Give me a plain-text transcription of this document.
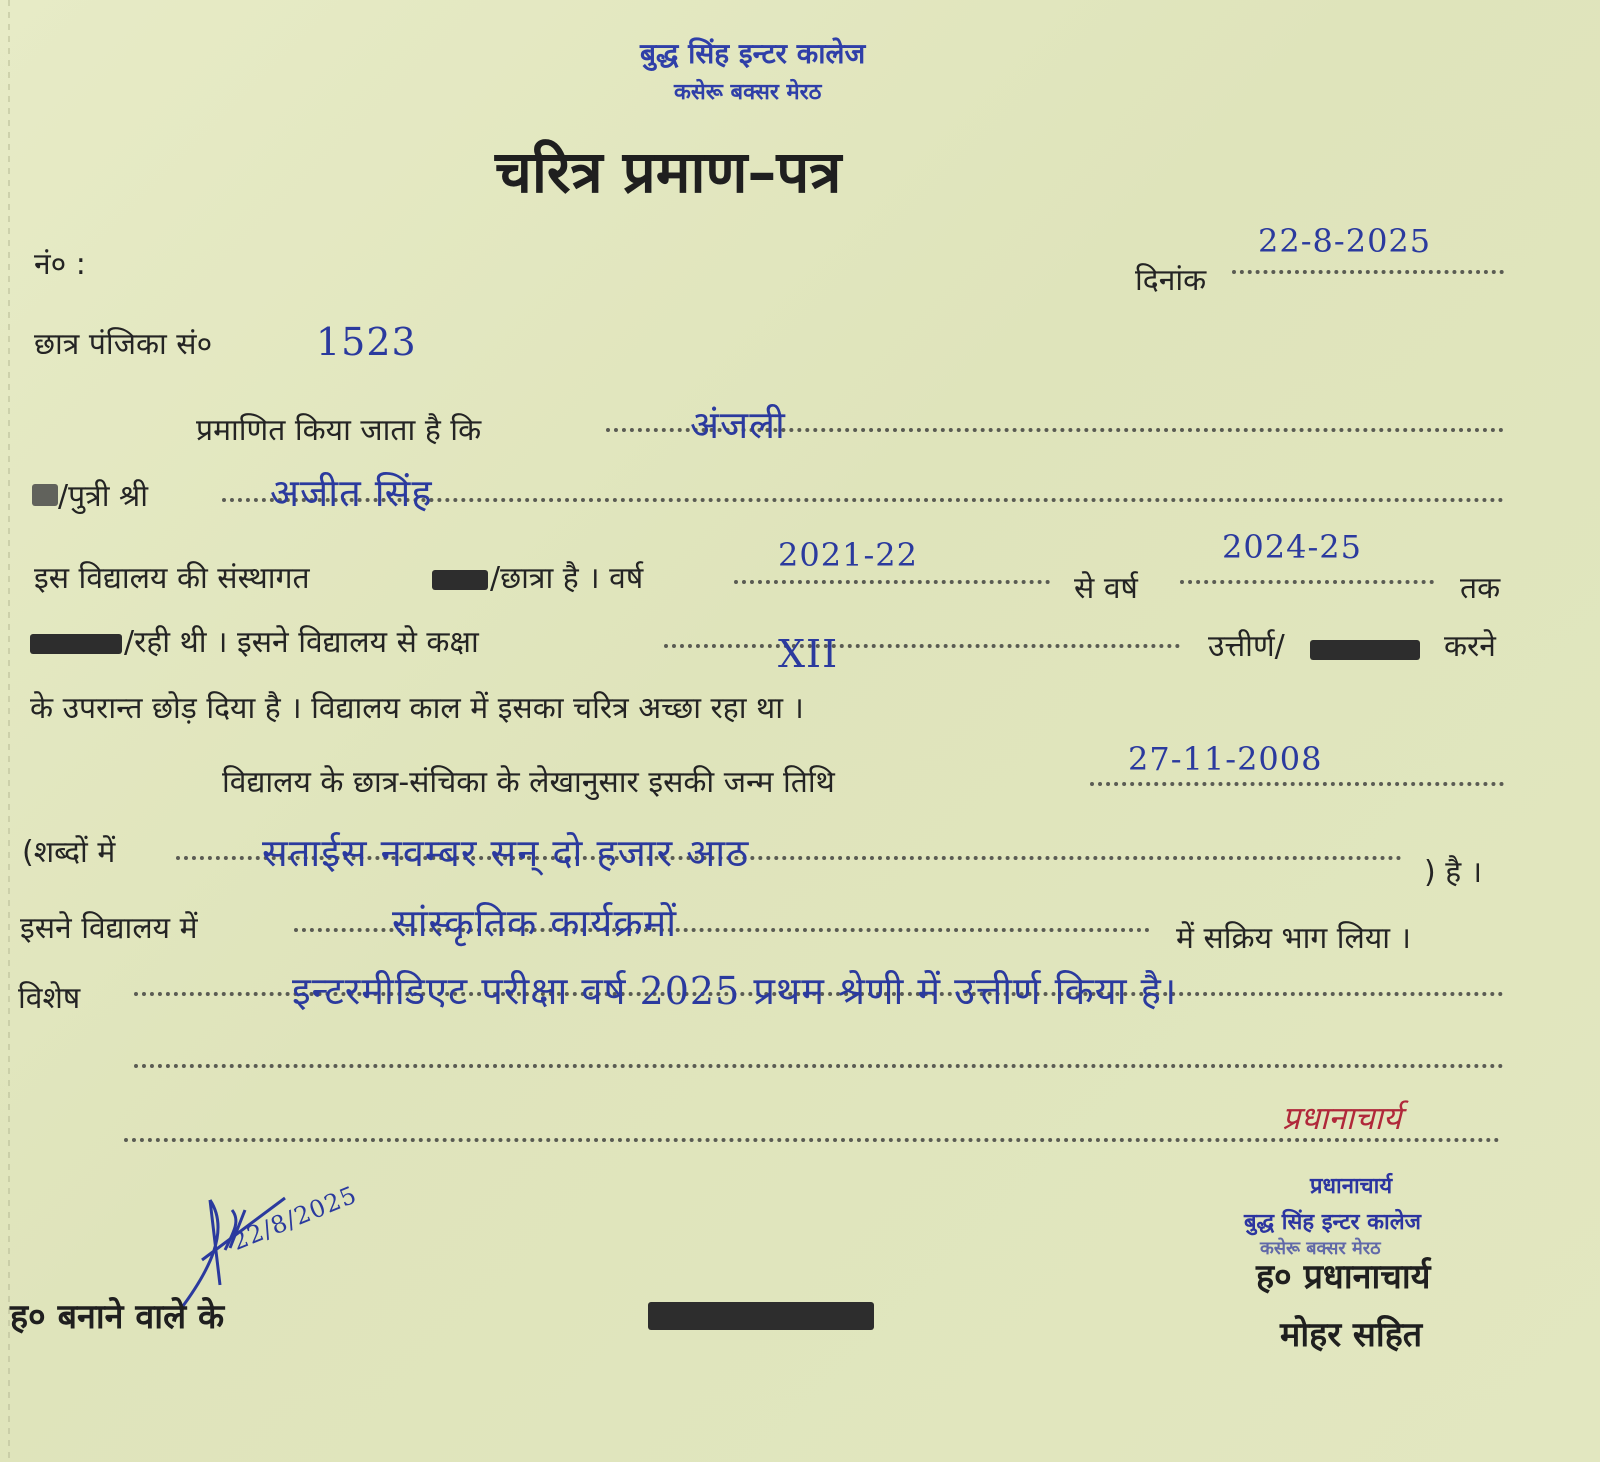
बुद्ध सिंह इन्टर कालेज
कसेरू बक्सर मेरठ
चरित्र प्रमाण–पत्र
नं० :	दिनांक
22-8-2025
छात्र पंजिका सं०	1523
प्रमाणित किया जाता है कि	अंजली
/पुत्री श्री	अजीत सिंह
इस विद्यालय की संस्थागत	/छात्रा है । वर्ष
2021-22
से वर्ष
2024-25
तक
/रही थी । इसने विद्यालय से कक्षा	XII	उत्तीर्ण/	करने
के उपरान्त छोड़ दिया है । विद्यालय काल में इसका चरित्र अच्छा रहा था ।
विद्यालय के छात्र-संचिका के लेखानुसार इसकी जन्म तिथि
27-11-2008
(शब्दों में	सताईस नवम्बर सन् दो हजार आठ	) है ।
इसने विद्यालय में	सांस्कृतिक कार्यक्रमों	में सक्रिय भाग लिया ।
विशेष	इन्टरमीडिएट परीक्षा वर्ष 2025 प्रथम श्रेणी में उत्तीर्ण किया है।
प्रधानाचार्य
प्रधानाचार्य
बुद्ध सिंह इन्टर कालेज
कसेरू बक्सर मेरठ
ह० प्रधानाचार्य
मोहर सहित
22/8/2025
ह० बनाने वाले के
